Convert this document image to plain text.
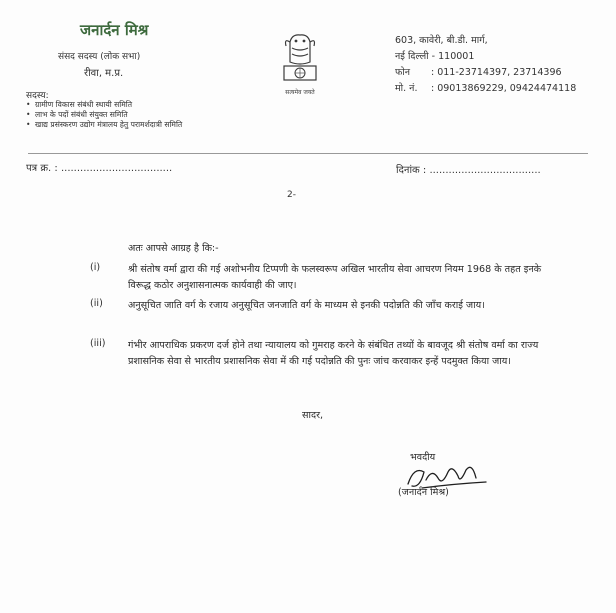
जनार्दन मिश्र
संसद सदस्य (लोक सभा)
रीवा, म.प्र.
सदस्य:
• ग्रामीण विकास संबंधी स्थायी समिति
• लाभ के पदों संबंधी संयुक्त समिति
• खाद्य प्रसंस्करण उद्योग मंत्रालय हेतु परामर्शदात्री समिति
सत्यमेव जयते
603, कावेरी, बी.डी. मार्ग,
नई दिल्ली - 110001
फोन : 011-23714397, 23714396
मो. नं. : 09013869229, 09424474118
पत्र क्र. : ...................................	दिनांक : ...................................
2-
अतः आपसे आग्रह है कि:-
(i)	श्री संतोष वर्मा द्वारा की गई अशोभनीय टिप्पणी के फलस्वरूप अखिल भारतीय सेवा आचरण नियम 1968 के तहत इनके विरूद्ध कठोर अनुशासनात्मक कार्यवाही की जाए।
(ii)	अनुसूचित जाति वर्ग के रजाय अनुसूचित जनजाति वर्ग के माध्यम से इनकी पदोन्नति की जाँच कराई जाय।
(iii)	गंभीर आपराधिक प्रकरण दर्ज होने तथा न्यायालय को गुमराह करने के संबंधित तथ्यों के बावजूद श्री संतोष वर्मा का राज्य प्रशासनिक सेवा से भारतीय प्रशासनिक सेवा में की गई पदोन्नति की पुनः जांच करवाकर इन्हें पदमुक्त किया जाय।
सादर,
भवदीय
(जनार्दन मिश्र)
